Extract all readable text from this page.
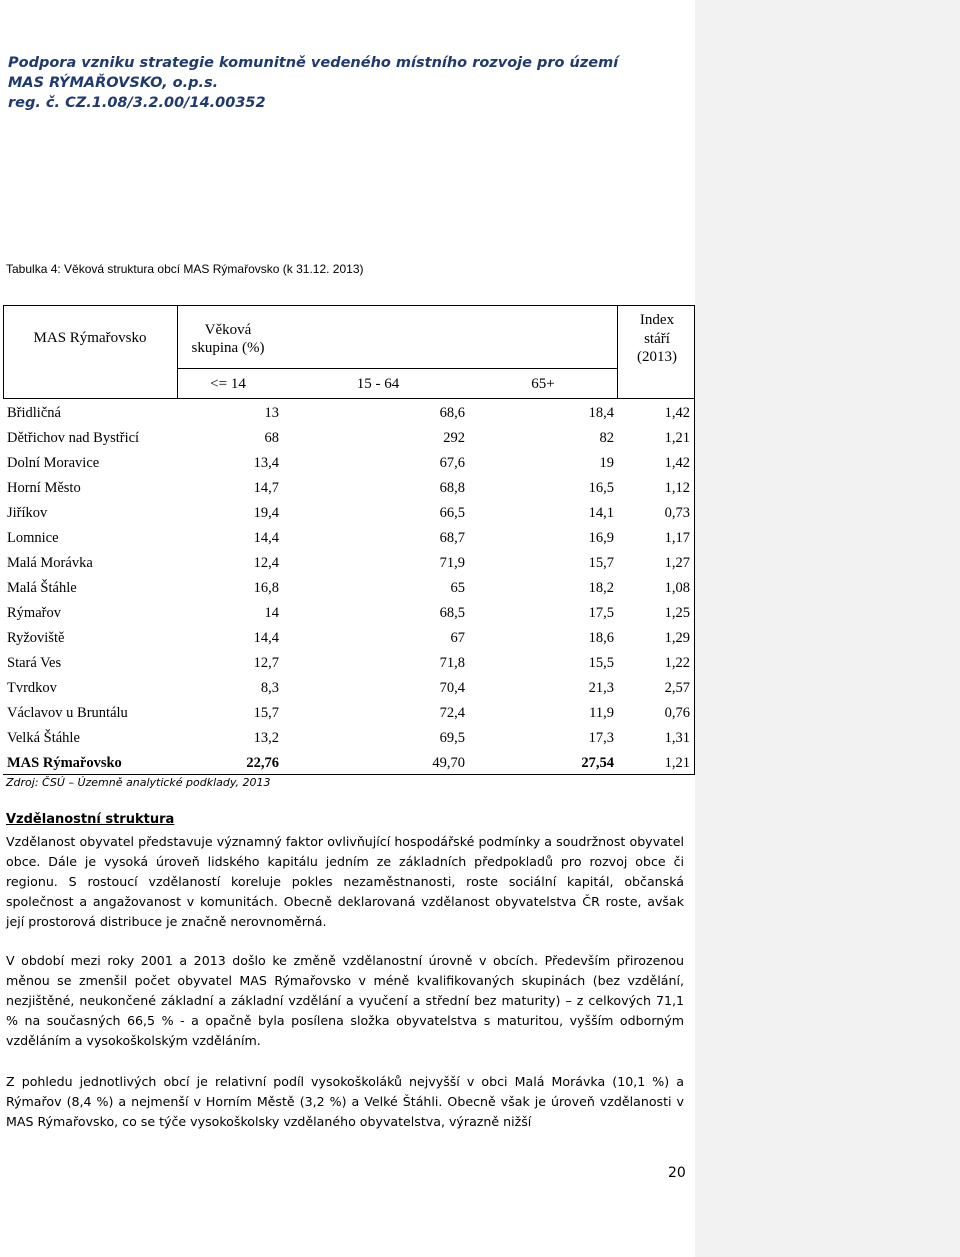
Podpora vzniku strategie komunitně vedeného místního rozvoje pro území
MAS RÝMAŘOVSKO, o.p.s.
reg. č. CZ.1.08/3.2.00/14.00352
Tabulka 4: Věková struktura obcí MAS Rýmařovsko (k 31.12. 2013)
MAS Rýmařovsko	Věková
skupina (%)
Index
stáří
(2013)
<= 14	15 - 64	65+
Břidličná	13	68,6	18,4	1,42
Dětřichov nad Bystřicí	68	292	82	1,21
Dolní Moravice	13,4	67,6	19	1,42
Horní Město	14,7	68,8	16,5	1,12
Jiříkov	19,4	66,5	14,1	0,73
Lomnice	14,4	68,7	16,9	1,17
Malá Morávka	12,4	71,9	15,7	1,27
Malá Štáhle	16,8	65	18,2	1,08
Rýmařov	14	68,5	17,5	1,25
Ryžoviště	14,4	67	18,6	1,29
Stará Ves	12,7	71,8	15,5	1,22
Tvrdkov	8,3	70,4	21,3	2,57
Václavov u Bruntálu	15,7	72,4	11,9	0,76
Velká Štáhle	13,2	69,5	17,3	1,31
MAS Rýmařovsko	22,76	49,70	27,54	1,21
Zdroj: ČSÚ – Územně analytické podklady, 2013
Vzdělanostní struktura

Vzdělanost obyvatel představuje významný faktor ovlivňující hospodářské podmínky a soudržnost obyvatel obce. Dále je vysoká úroveň lidského kapitálu jedním ze základních předpokladů pro rozvoj obce či regionu. S rostoucí vzdělaností koreluje pokles nezaměstnanosti, roste sociální kapitál, občanská společnost a angažovanost v komunitách. Obecně deklarovaná vzdělanost obyvatelstva ČR roste, avšak její prostorová distribuce je značně nerovnoměrná.

V období mezi roky 2001 a 2013 došlo ke změně vzdělanostní úrovně v obcích. Především přirozenou měnou se zmenšil počet obyvatel MAS Rýmařovsko v méně kvalifikovaných skupinách (bez vzdělání, nezjištěné, neukončené základní a základní vzdělání a vyučení a střední bez maturity) – z celkových 71,1 % na současných 66,5 % - a opačně byla posílena složka obyvatelstva s maturitou, vyšším odborným vzděláním a vysokoškolským vzděláním.

Z pohledu jednotlivých obcí je relativní podíl vysokoškoláků nejvyšší v obci Malá Morávka (10,1 %) a Rýmařov (8,4 %) a nejmenší v Horním Městě (3,2 %) a Velké Štáhli. Obecně však je úroveň vzdělanosti v MAS Rýmařovsko, co se týče vysokoškolsky vzdělaného obyvatelstva, výrazně nižší

20
